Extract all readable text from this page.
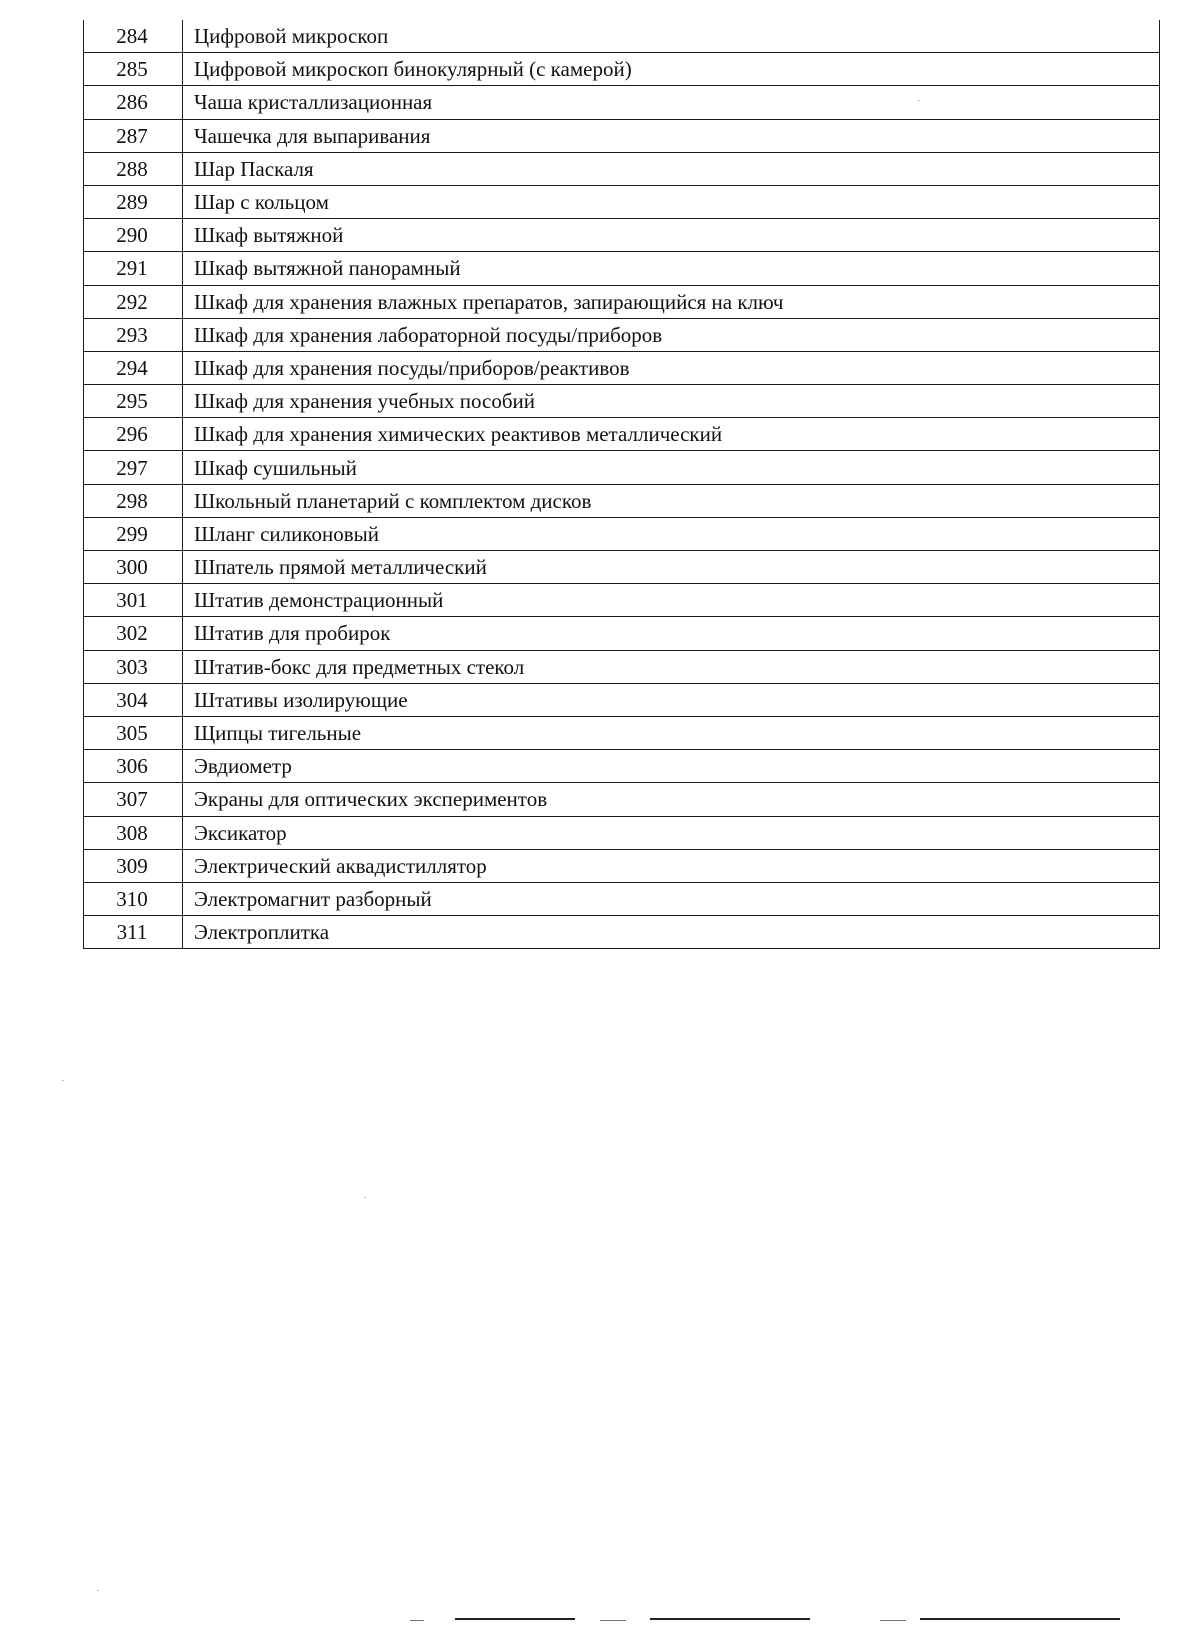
284	Цифровой микроскоп
285	Цифровой микроскоп бинокулярный (с камерой)
286	Чаша кристаллизационная
287	Чашечка для выпаривания
288	Шар Паскаля
289	Шар с кольцом
290	Шкаф вытяжной
291	Шкаф вытяжной панорамный
292	Шкаф для хранения влажных препаратов, запирающийся на ключ
293	Шкаф для хранения лабораторной посуды/приборов
294	Шкаф для хранения посуды/приборов/реактивов
295	Шкаф для хранения учебных пособий
296	Шкаф для хранения химических реактивов металлический
297	Шкаф сушильный
298	Школьный планетарий с комплектом дисков
299	Шланг силиконовый
300	Шпатель прямой металлический
301	Штатив демонстрационный
302	Штатив для пробирок
303	Штатив-бокс для предметных стекол
304	Штативы изолирующие
305	Щипцы тигельные
306	Эвдиометр
307	Экраны для оптических экспериментов
308	Эксикатор
309	Электрический аквадистиллятор
310	Электромагнит разборный
311	Электроплитка
